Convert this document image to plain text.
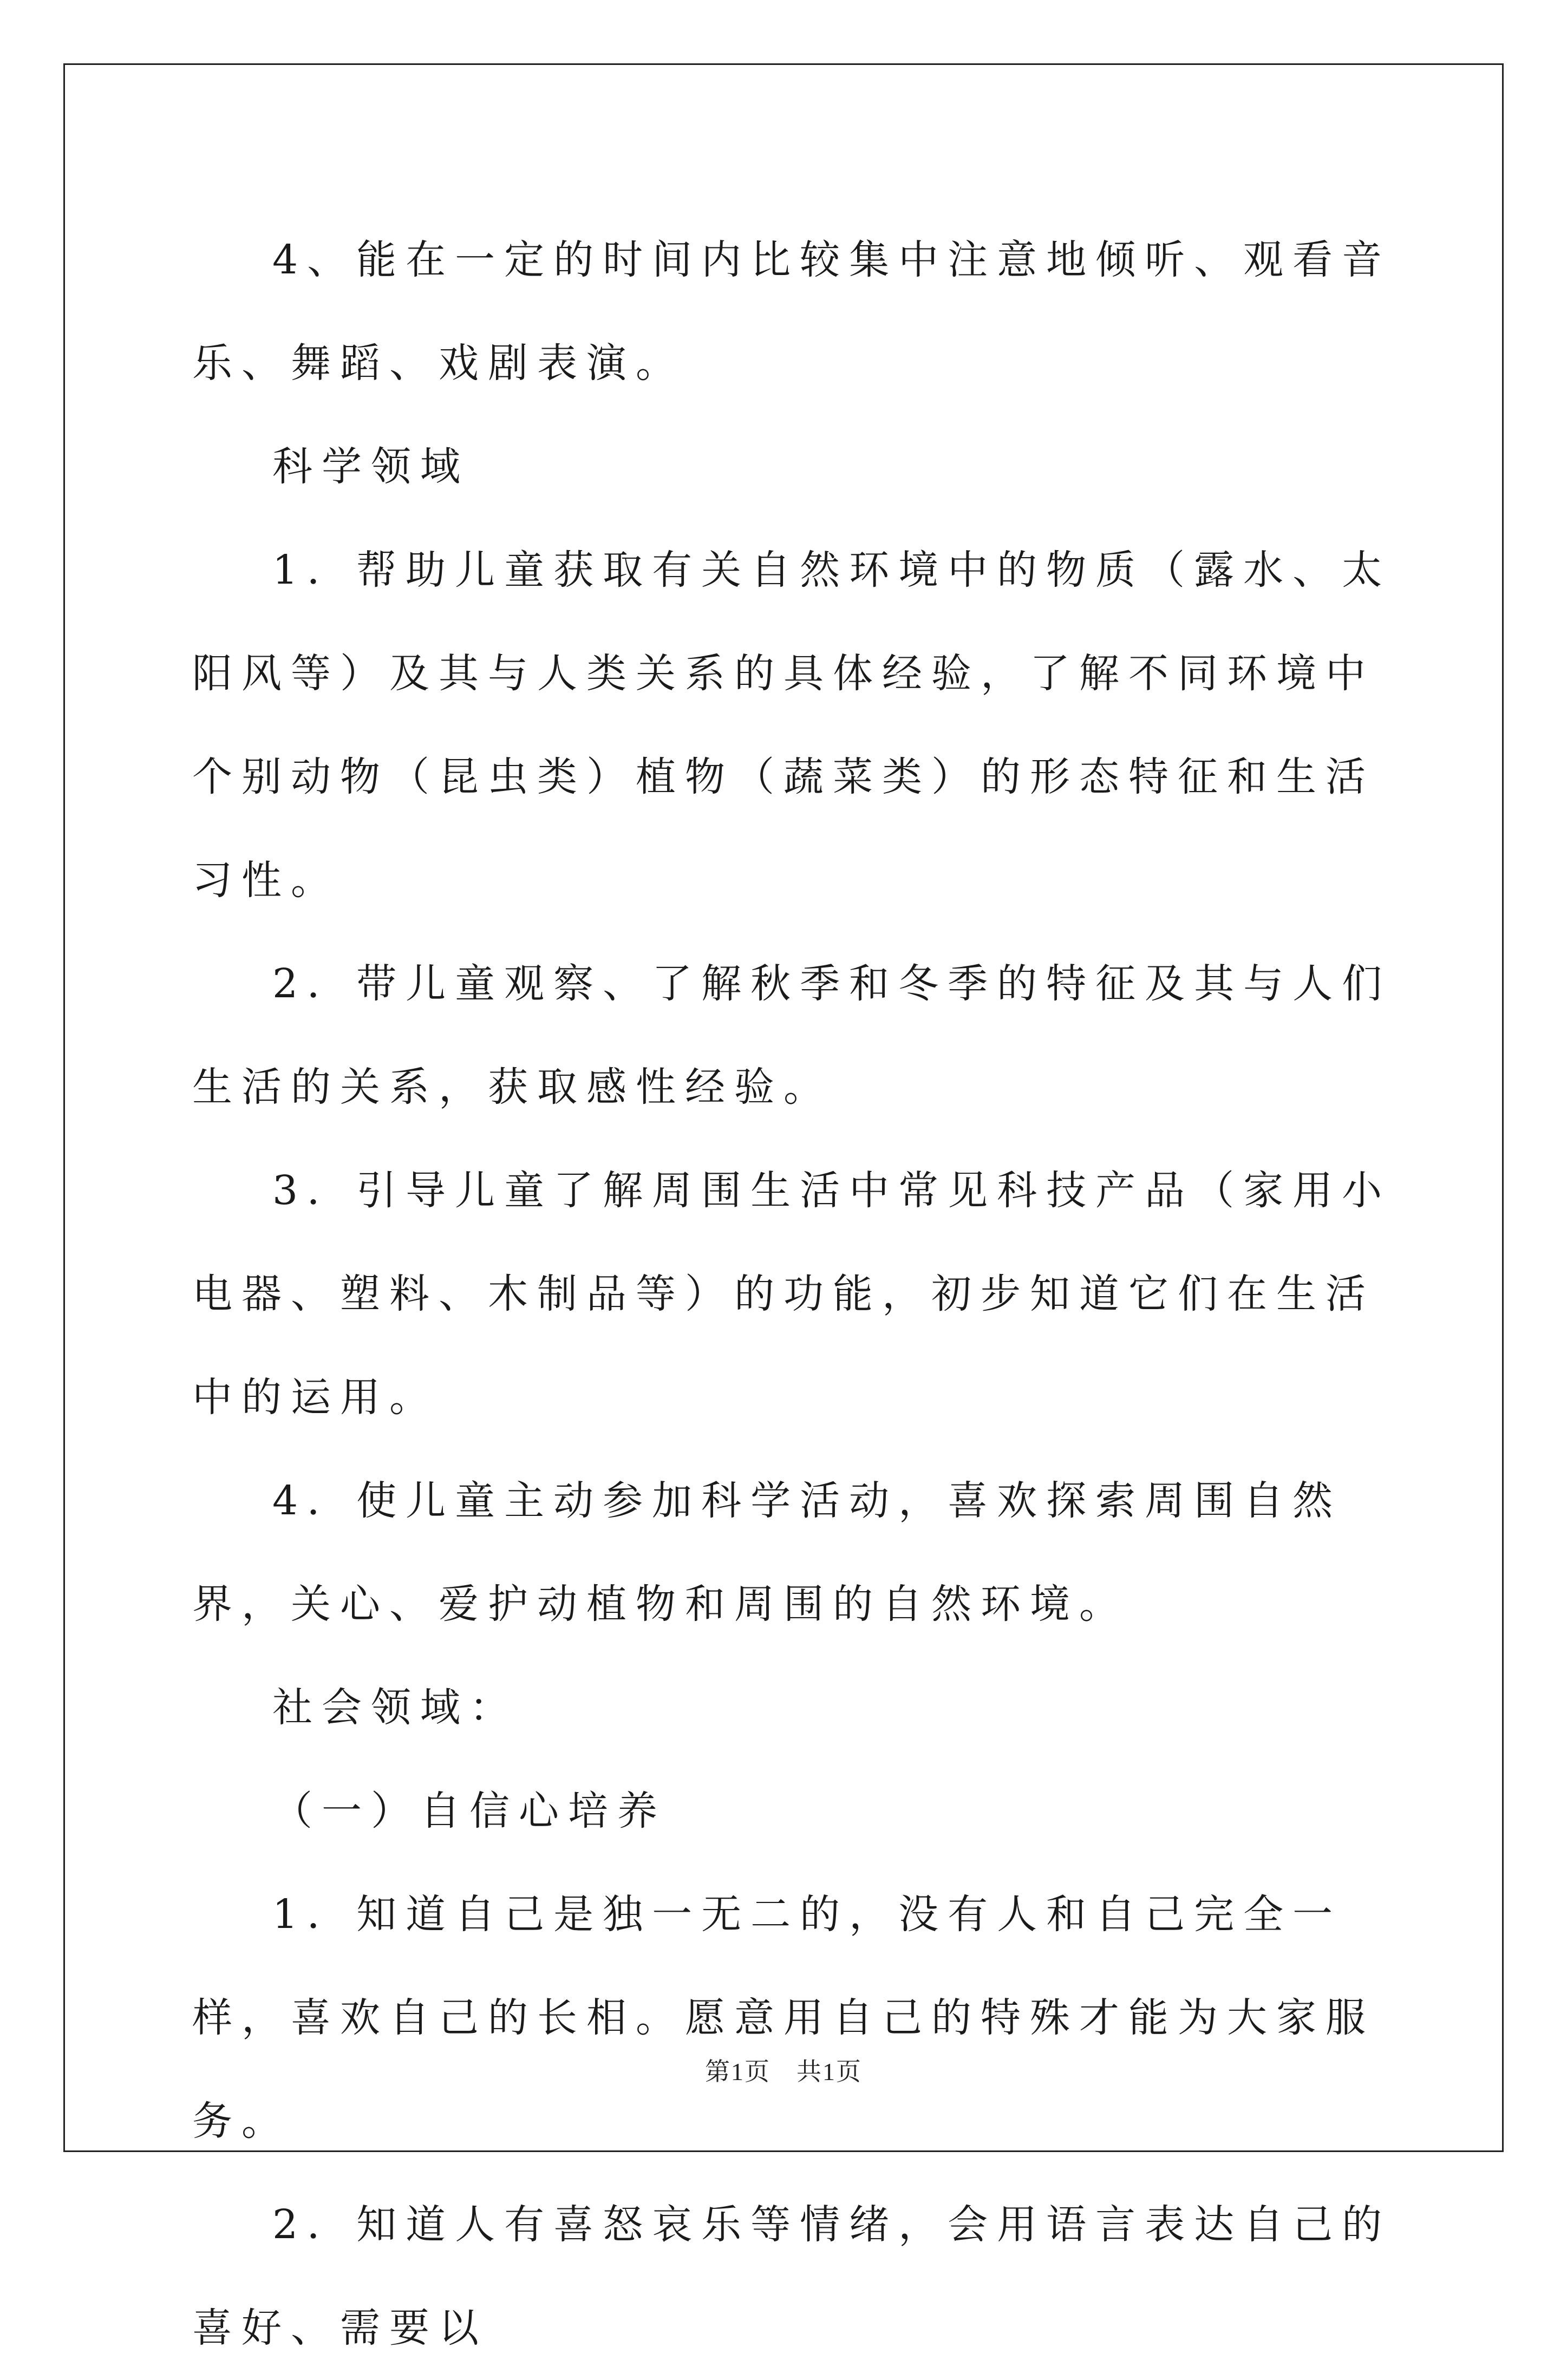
4、能在一定的时间内比较集中注意地倾听、观看音乐、舞蹈、戏剧表演。

科学领域

1．帮助儿童获取有关自然环境中的物质（露水、太阳风等）及其与人类关系的具体经验，了解不同环境中个别动物（昆虫类）植物（蔬菜类）的形态特征和生活习性。

2．带儿童观察、了解秋季和冬季的特征及其与人们生活的关系，获取感性经验。

3．引导儿童了解周围生活中常见科技产品（家用小电器、塑料、木制品等）的功能，初步知道它们在生活中的运用。

4．使儿童主动参加科学活动，喜欢探索周围自然界，关心、爱护动植物和周围的自然环境。

社会领域：

（一）自信心培养

1．知道自己是独一无二的，没有人和自己完全一样，喜欢自己的长相。愿意用自己的特殊才能为大家服务。

2．知道人有喜怒哀乐等情绪，会用语言表达自己的喜好、需要以

第1页 共1页
